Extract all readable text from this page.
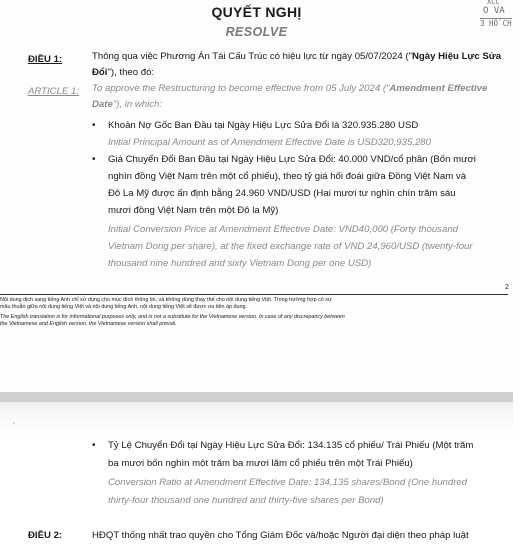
QUYẾT NGHỊ
RESOLVE
XCC
O VA
3 HỒ CH
ĐIỀU 1:	Thông qua việc Phương Án Tái Cấu Trúc có hiệu lực từ ngày 05/07/2024 ("Ngày Hiệu Lực Sửa Đổi"), theo đó:
ARTICLE 1: To approve the Restructuring to become effective from 05 July 2024 ("Amendment Effective Date"), in which:
• Khoản Nợ Gốc Ban Đầu tại Ngày Hiệu Lực Sửa Đổi là 320.935.280 USD
Initial Principal Amount as of Amendment Effective Date is USD320,935,280
• Giá Chuyển Đổi Ban Đầu tại Ngày Hiệu Lực Sửa Đổi: 40.000 VND/cổ phần (Bốn mươi
nghìn đồng Việt Nam trên một cổ phiếu), theo tỷ giá hối đoái giữa Đồng Việt Nam và
Đô La Mỹ được ấn định bằng 24.960 VND/USD (Hai mươi tư nghìn chín trăm sáu
mươi đồng Việt Nam trên một Đô la Mỹ)
Initial Conversion Price at Amendment Effective Date: VND40,000 (Forty thousand
Vietnam Dong per share), at the fixed exchange rate of VND 24,960/USD (twenty-four
thousand nine hundred and sixty Vietnam Dong per one USD)
2
Nội dung dịch sang tiếng Anh chỉ sử dụng cho mục đích thông tin, và không dùng thay thế cho nội dung tiếng Việt. Trong trường hợp có sự
mâu thuẫn giữa nội dung tiếng Việt và nội dung tiếng Anh, nội dung tiếng Việt sẽ được ưu tiên áp dụng.
The English translation is for informational purposes only, and is not a substitute for the Vietnamese version. In case of any discrepancy between
the Vietnamese and English version, the Vietnamese version shall prevail.
ˊ
• Tỷ Lệ Chuyển Đổi tại Ngày Hiệu Lực Sửa Đổi: 134.135 cổ phiếu/ Trái Phiếu (Một trăm
ba mươi bốn nghìn một trăm ba mươi lăm cổ phiếu trên một Trái Phiếu)
Conversion Ratio at Amendment Effective Date: 134,135 shares/Bond (One hundred
thirty-four thousand one hundred and thirty-five shares per Bond)
ĐIỀU 2:	HĐQT thống nhất trao quyền cho Tổng Giám Đốc và/hoặc Người đại diện theo pháp luật
